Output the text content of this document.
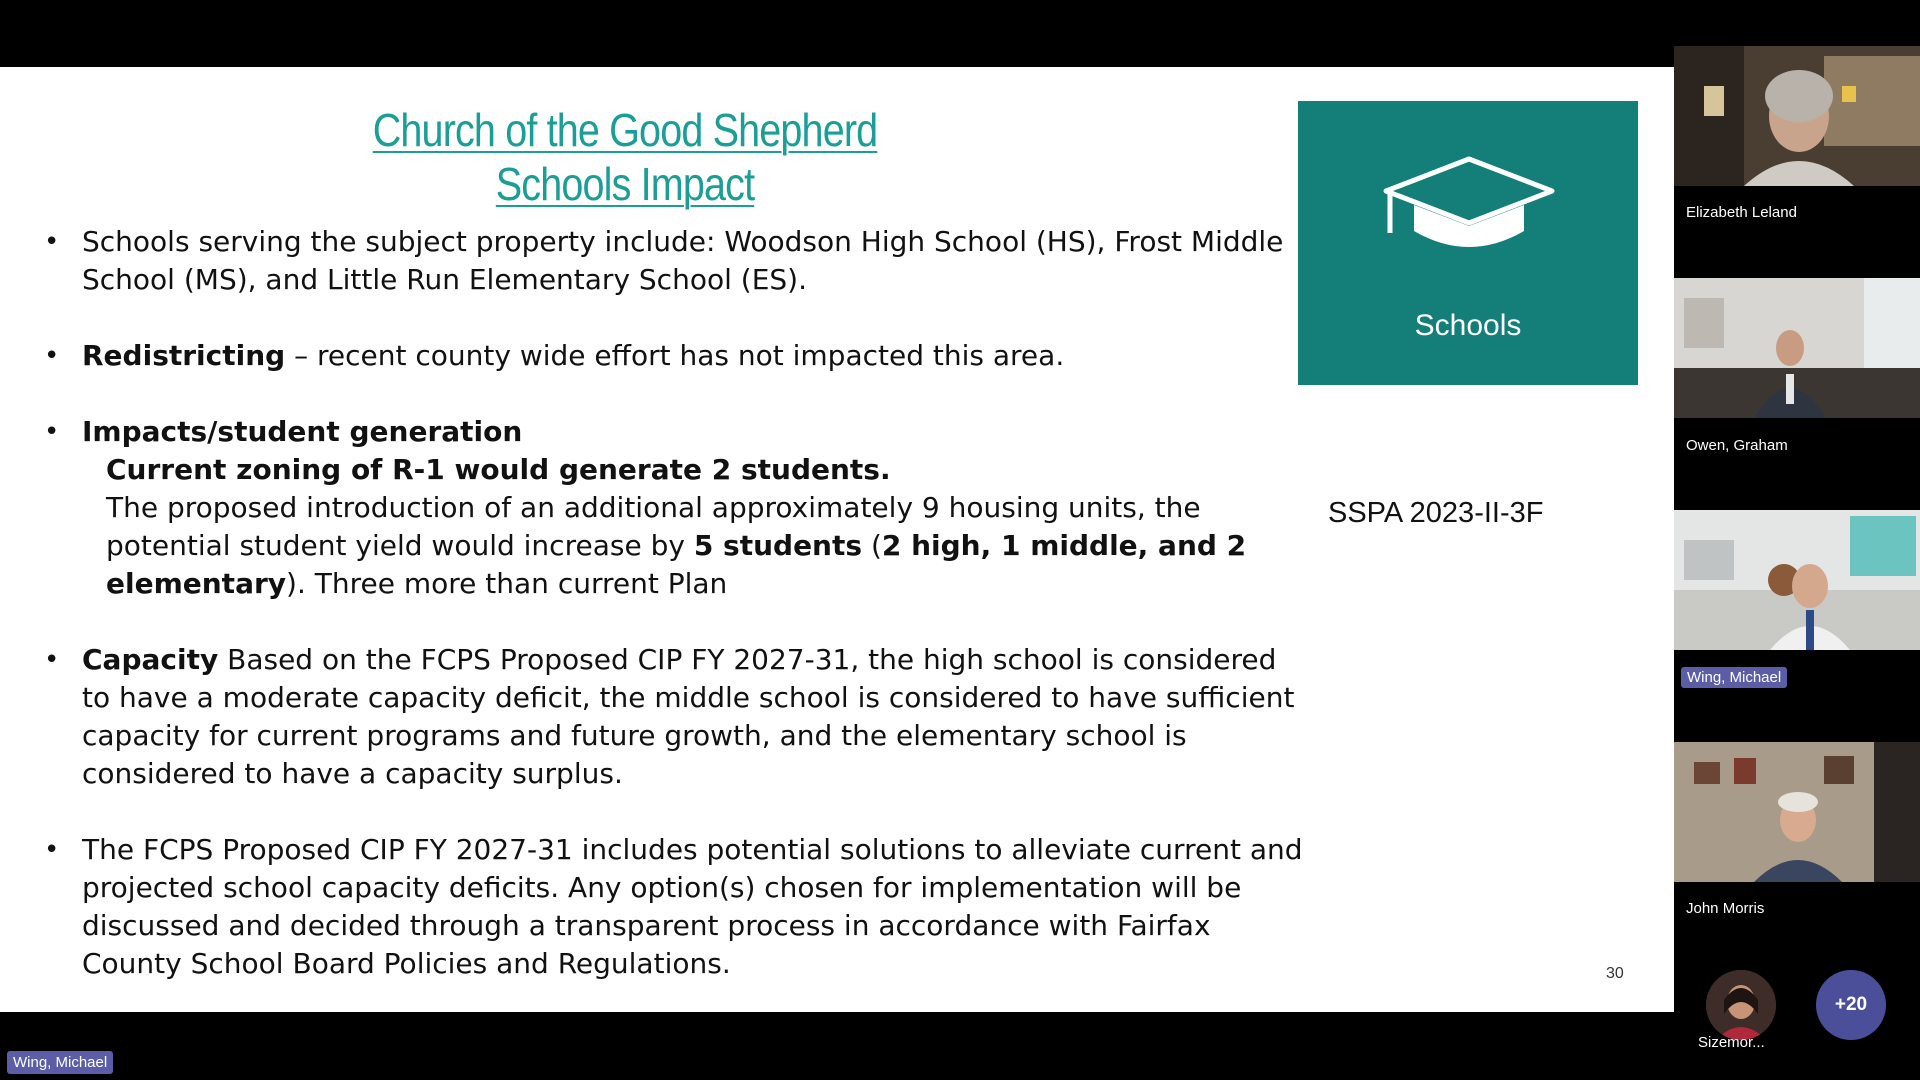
Church of the Good Shepherd
Schools Impact
• Schools serving the subject property include: Woodson High School (HS), Frost Middle School (MS), and Little Run Elementary School (ES).
• Redistricting – recent county wide effort has not impacted this area.
• Impacts/student generation
Current zoning of R-1 would generate 2 students.
The proposed introduction of an additional approximately 9 housing units, the potential student yield would increase by 5 students (2 high, 1 middle, and 2 elementary). Three more than current Plan
• Capacity Based on the FCPS Proposed CIP FY 2027-31, the high school is considered to have a moderate capacity deficit, the middle school is considered to have sufficient capacity for current programs and future growth, and the elementary school is considered to have a capacity surplus.
• The FCPS Proposed CIP FY 2027-31 includes potential solutions to alleviate current and projected school capacity deficits. Any option(s) chosen for implementation will be discussed and decided through a transparent process in accordance with Fairfax County School Board Policies and Regulations.
Schools
SSPA 2023-II-3F
30
Elizabeth Leland
Owen, Graham
Wing, Michael
John Morris
Sizemor...
+20
Wing, Michael
